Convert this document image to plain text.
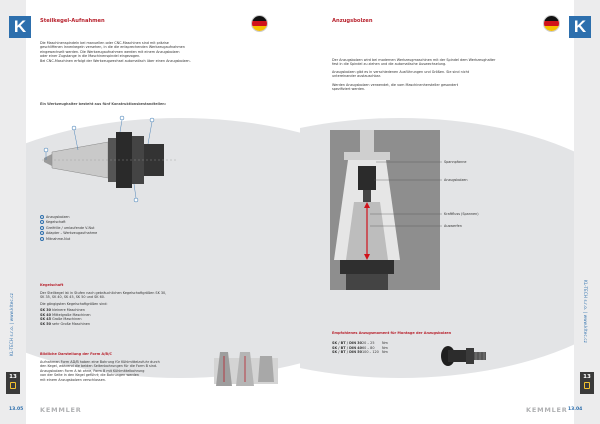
K	Steilkegel-Aufnahmen
Die Maschinenspindeln bei manuellen oder CNC-Maschinen sind mit präzise
geschliffenen Innenkegeln versehen, in die die entsprechenden Werkzeugaufnahmen
eingewechselt werden. Die Werkzeugaufnahmen werden mit einem Anzugsbolzen
oder einer Zugstange in die Maschinenspindel eingezogen.
Bei CNC-Maschinen erfolgt der Werkzeugwechsel automatisch über einen Anzugsbolzen.
Ein Werkzeughalter besteht aus fünf Konstruktionsbestandteilen:
Anzugsbolzen
Kegelschaft
Greifrille / umlaufende V-Nut
Adapter – Werkzeugaufnahme
Mitnahme-Nut
Kegelschaft
Der Steilkegel ist in Stufen nach gebräuchlichen Kegelschaftgrößen SK 30,
SK 35, SK 40, SK 45, SK 50 und SK 60.
Die gängigsten Kegelschaftgrößen sind:
SK 30 kleinere Maschinen
SK 40 Mittelgroße Maschinen
SK 45 Große Maschinen
SK 50 sehr Große Maschinen
Bildliche Darstellung der Form A/B/C
Aufnahmen Form AD/B haben eine Bohrung für Kühlmittelzufuhr durch
den Kegel, während die beiden Seitenbohrungen für die Form B sind.
Anzugsbolzen Form A ist ohne, Form B mit Kühlmittelbohrung
von der Seite in den Kegel geführt; die Bohrungen werden
mit einem Anzugsbolzen verschlossen.
KL-TECH s.r.o. | www.kltec.cz
13
13.05	KEMMLER
K
Anzugsbolzen
Der Anzugsbolzen wird bei modernen Werkzeugmaschinen mit der Spindel dem Werkzeughalter
fest in die Spindel zu ziehen und die automatische Auswechselung.
Anzugsbolzen gibt es in verschiedenen Ausführungen und Größen. Sie sind nicht
untereinander austauschbar.
Werden Anzugsbolzen verwendet, die vom Maschinenhersteller gesondert
spezifiziert werden.
Spannpfanne
Anzugsbolzen
Kraftfluss (Spannen)
Auswerfen
Empfohlenes Anzugsmoment für Montage der Anzugsbolzen
SK / BT / DIN 3020 – 25 Nm
SK / BT / DIN 4060 – 80 Nm
SK / BT / DIN 50100 – 120 Nm
KL-TECH s.r.o. | www.kltec.cz
13
13.04
KEMMLER
